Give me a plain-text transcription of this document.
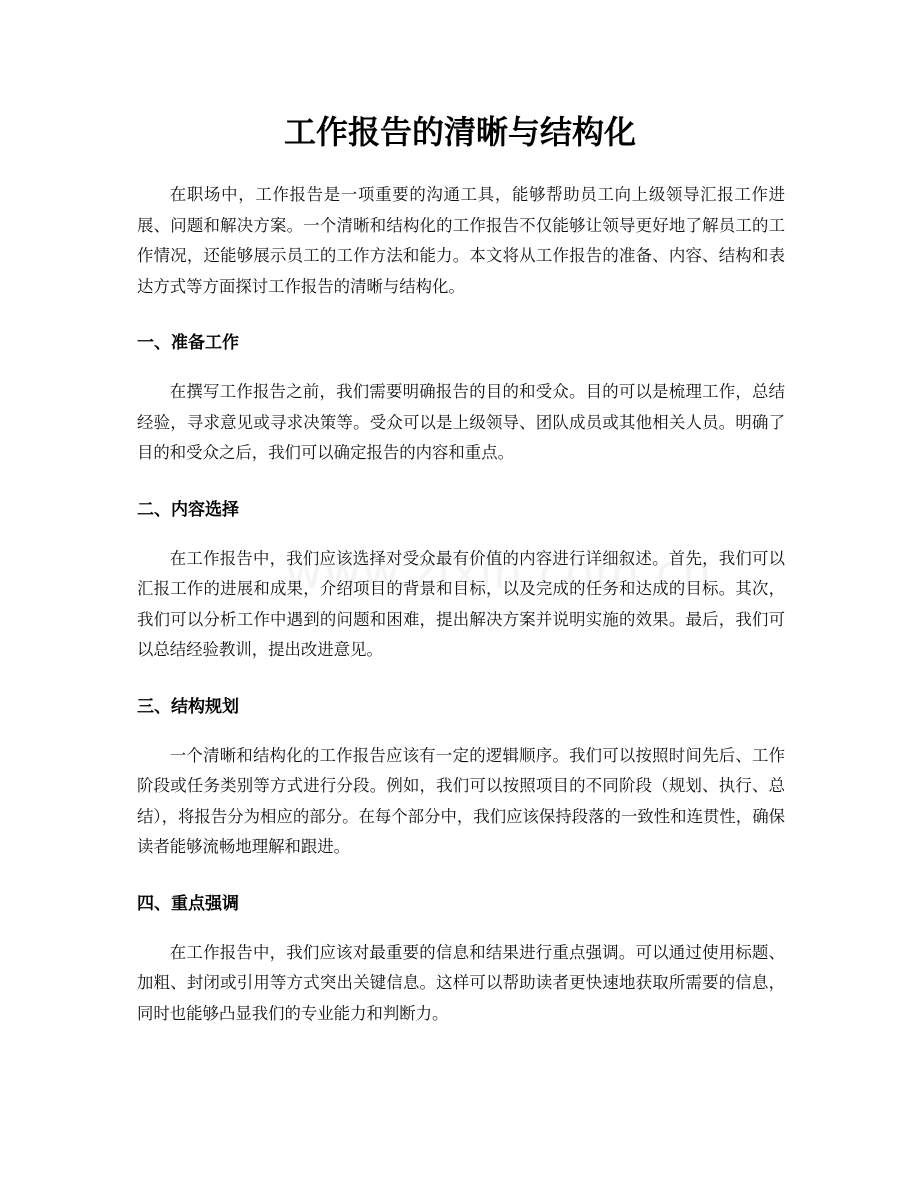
工作报告的清晰与结构化

在职场中，工作报告是一项重要的沟通工具，能够帮助员工向上级领导汇报工作进展、问题和解决方案。一个清晰和结构化的工作报告不仅能够让领导更好地了解员工的工作情况，还能够展示员工的工作方法和能力。本文将从工作报告的准备、内容、结构和表达方式等方面探讨工作报告的清晰与结构化。

一、准备工作

在撰写工作报告之前，我们需要明确报告的目的和受众。目的可以是梳理工作，总结经验，寻求意见或寻求决策等。受众可以是上级领导、团队成员或其他相关人员。明确了目的和受众之后，我们可以确定报告的内容和重点。

二、内容选择

在工作报告中，我们应该选择对受众最有价值的内容进行详细叙述。首先，我们可以汇报工作的进展和成果，介绍项目的背景和目标，以及完成的任务和达成的目标。其次，我们可以分析工作中遇到的问题和困难，提出解决方案并说明实施的效果。最后，我们可以总结经验教训，提出改进意见。

三、结构规划

一个清晰和结构化的工作报告应该有一定的逻辑顺序。我们可以按照时间先后、工作阶段或任务类别等方式进行分段。例如，我们可以按照项目的不同阶段（规划、执行、总结），将报告分为相应的部分。在每个部分中，我们应该保持段落的一致性和连贯性，确保读者能够流畅地理解和跟进。

四、重点强调

在工作报告中，我们应该对最重要的信息和结果进行重点强调。可以通过使用标题、加粗、封闭或引用等方式突出关键信息。这样可以帮助读者更快速地获取所需要的信息，同时也能够凸显我们的专业能力和判断力。
